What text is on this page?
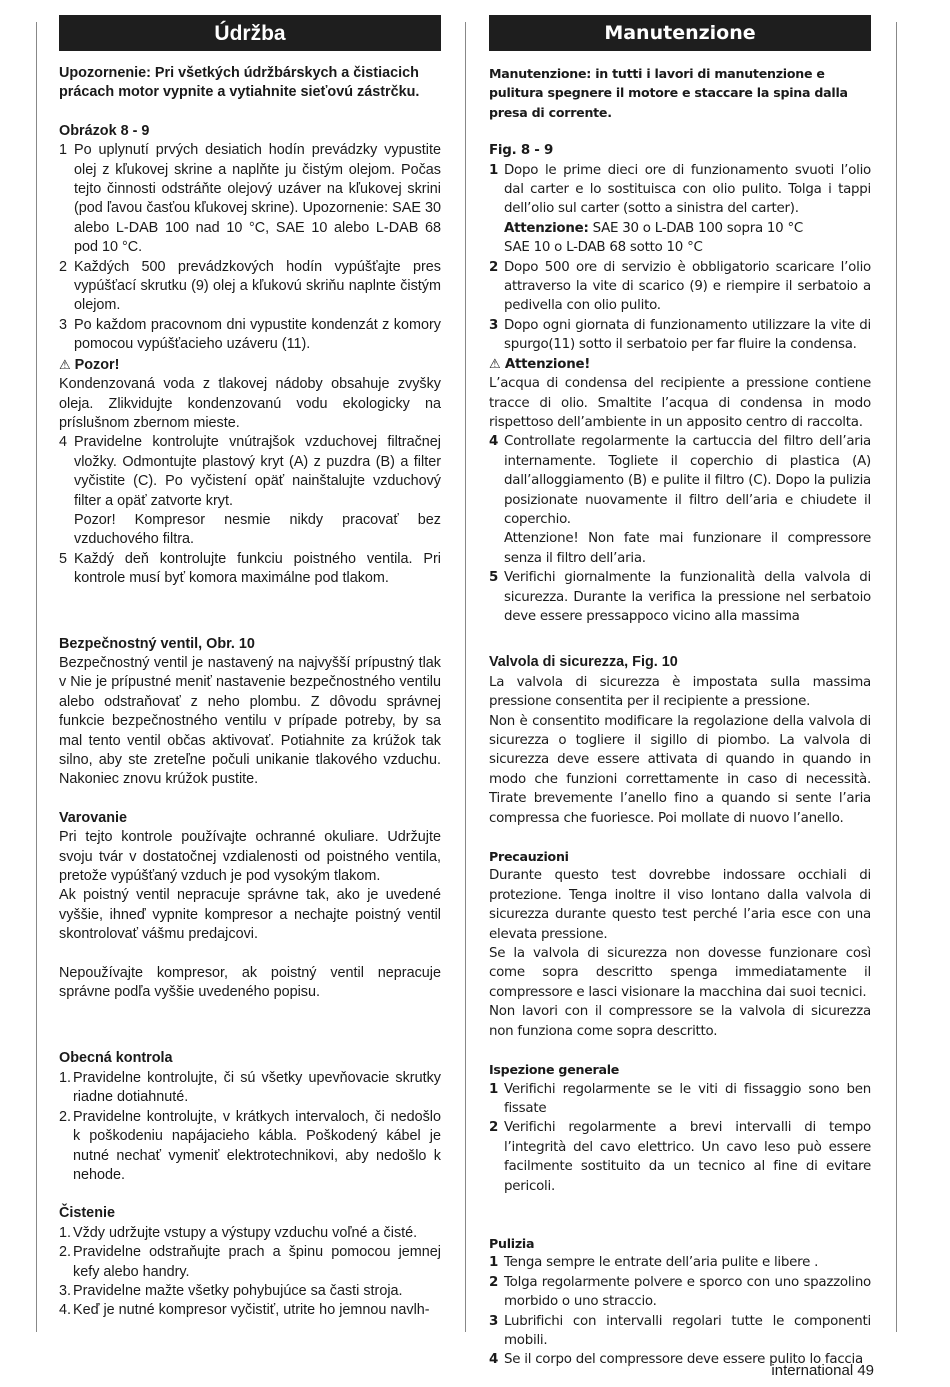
Údržba
Upozornenie: Pri všetkých údržbárskych a čistiacich prácach motor vypnite a vytiahnite sieťovú zástrčku.
Obrázok 8 - 9
1 Po uplynutí prvých desiatich hodín prevádzky vypustite olej z kľukovej skrine a naplňte ju čistým olejom. Počas tejto činnosti odstráňte olejový uzáver na kľukovej skrini (pod ľavou časťou kľukovej skrine). Upozornenie: SAE 30 alebo L-DAB 100 nad 10 °C, SAE 10 alebo L-DAB 68 pod 10 °C.

2 Každých 500 prevádzkových hodín vypúšťajte pres vypúšťací skrutku (9) olej a kľukovú skriňu naplnte čistým olejom.

3 Po každom pracovnom dni vypustite kondenzát z komory pomocou vypúšťacieho uzáveru (11).

⚠ Pozor!

Kondenzovaná voda z tlakovej nádoby obsahuje zvyšky oleja. Zlikvidujte kondenzovanú vodu ekologicky na príslušnom zbernom mieste.

4 Pravidelne kontrolujte vnútrajšok vzduchovej filtračnej vložky. Odmontujte plastový kryt (A) z puzdra (B) a filter vyčistite (C). Po vyčistení opäť nainštalujte vzduchový filter a opäť zatvorte kryt.

Pozor! Kompresor nesmie nikdy pracovať bez vzduchového filtra.

5 Každý deň kontrolujte funkciu poistného ventila. Pri kontrole musí byť komora maximálne pod tlakom.

Bezpečnostný ventil, Obr. 10

Bezpečnostný ventil je nastavený na najvyšší prípustný tlak v Nie je prípustné meniť nastavenie bezpečnostného ventilu alebo odstraňovať z neho plombu. Z dôvodu správnej funkcie bezpečnostného ventilu v prípade potreby, by sa mal tento ventil občas aktivovať. Potiahnite za krúžok tak silno, aby ste zreteľne počuli unikanie tlakového vzduchu. Nakoniec znovu krúžok pustite.

Varovanie

Pri tejto kontrole používajte ochranné okuliare. Udržujte svoju tvár v dostatočnej vzdialenosti od poistného ventila, pretože vypúšťaný vzduch je pod vysokým tlakom.

Ak poistný ventil nepracuje správne tak, ako je uvedené vyššie, ihneď vypnite kompresor a nechajte poistný ventil skontrolovať vášmu predajcovi.

Nepoužívajte kompresor, ak poistný ventil nepracuje správne podľa vyššie uvedeného popisu.

Obecná kontrola
1. Pravidelne kontrolujte, či sú všetky upevňovacie skrutky riadne dotiahnuté.

2. Pravidelne kontrolujte, v krátkych intervaloch, či nedošlo k poškodeniu napájacieho kábla. Poškodený kábel je nutné nechať vymeniť elektrotechnikovi, aby nedošlo k nehode.

Čistenie
1. Vždy udržujte vstupy a výstupy vzduchu voľné a čisté.

2. Pravidelne odstraňujte prach a špinu pomocou jemnej kefy alebo handry.

3. Pravidelne mažte všetky pohybujúce sa časti stroja.

4. Keď je nutné kompresor vyčistiť, utrite ho jemnou navlh-

Manutenzione
Manutenzione: in tutti i lavori di manutenzione e pulitura spegnere il motore e staccare la spina dalla presa di corrente.
Fig. 8 - 9
1 Dopo le prime dieci ore di funzionamento svuoti l’olio dal carter e lo sostituisca con olio pulito. Tolga i tappi dell’olio sul carter (sotto a sinistra del carter).

Attenzione: SAE 30 o L-DAB 100 sopra 10 °C
SAE 10 o L-DAB 68 sotto 10 °C
2 Dopo 500 ore di servizio è obbligatorio scaricare l’olio attraverso la vite di scarico (9) e riempire il serbatoio a pedivella con olio pulito.

3 Dopo ogni giornata di funzionamento utilizzare la vite di spurgo(11) sotto il serbatoio per far fluire la condensa.

⚠ Attenzione!

L’acqua di condensa del recipiente a pressione contiene tracce di olio. Smaltite l’acqua di condensa in modo rispettoso dell’ambiente in un apposito centro di raccolta.

4 Controllate regolarmente la cartuccia del filtro dell’aria internamente. Togliete il coperchio di plastica (A) dall’alloggiamento (B) e pulite il filtro (C). Dopo la pulizia posizionate nuovamente il filtro dell’aria e chiudete il coperchio.

Attenzione! Non fate mai funzionare il compressore senza il filtro dell’aria.

5 Verifichi giornalmente la funzionalità della valvola di sicurezza. Durante la verifica la pressione nel serbatoio deve essere pressappoco vicino alla massima

Valvola di sicurezza, Fig. 10

La valvola di sicurezza è impostata sulla massima pressione consentita per il recipiente a pressione.

Non è consentito modificare la regolazione della valvola di sicurezza o togliere il sigillo di piombo. La valvola di sicurezza deve essere attivata di quando in quando in modo che funzioni correttamente in caso di necessità. Tirate brevemente l’anello fino a quando si sente l’aria compressa che fuoriesce. Poi mollate di nuovo l’anello.

Precauzioni

Durante questo test dovrebbe indossare occhiali di protezione. Tenga inoltre il viso lontano dalla valvola di sicurezza durante questo test perché l’aria esce con una elevata pressione.

Se la valvola di sicurezza non dovesse funzionare così come sopra descritto spenga immediatamente il compressore e lasci visionare la macchina dai suoi tecnici.

Non lavori con il compressore se la valvola di sicurezza non funziona come sopra descritto.

Ispezione generale
1 Verifichi regolarmente se le viti di fissaggio sono ben fissate

2 Verifichi regolarmente a brevi intervalli di tempo l’integrità del cavo elettrico. Un cavo leso può essere facilmente sostituito da un tecnico al fine di evitare pericoli.

Pulizia
1 Tenga sempre le entrate dell’aria pulite e libere .

2 Tolga regolarmente polvere e sporco con uno spazzolino morbido o uno straccio.

3 Lubrifichi con intervalli regolari tutte le componenti mobili.

4 Se il corpo del compressore deve essere pulito lo faccia

international 49
